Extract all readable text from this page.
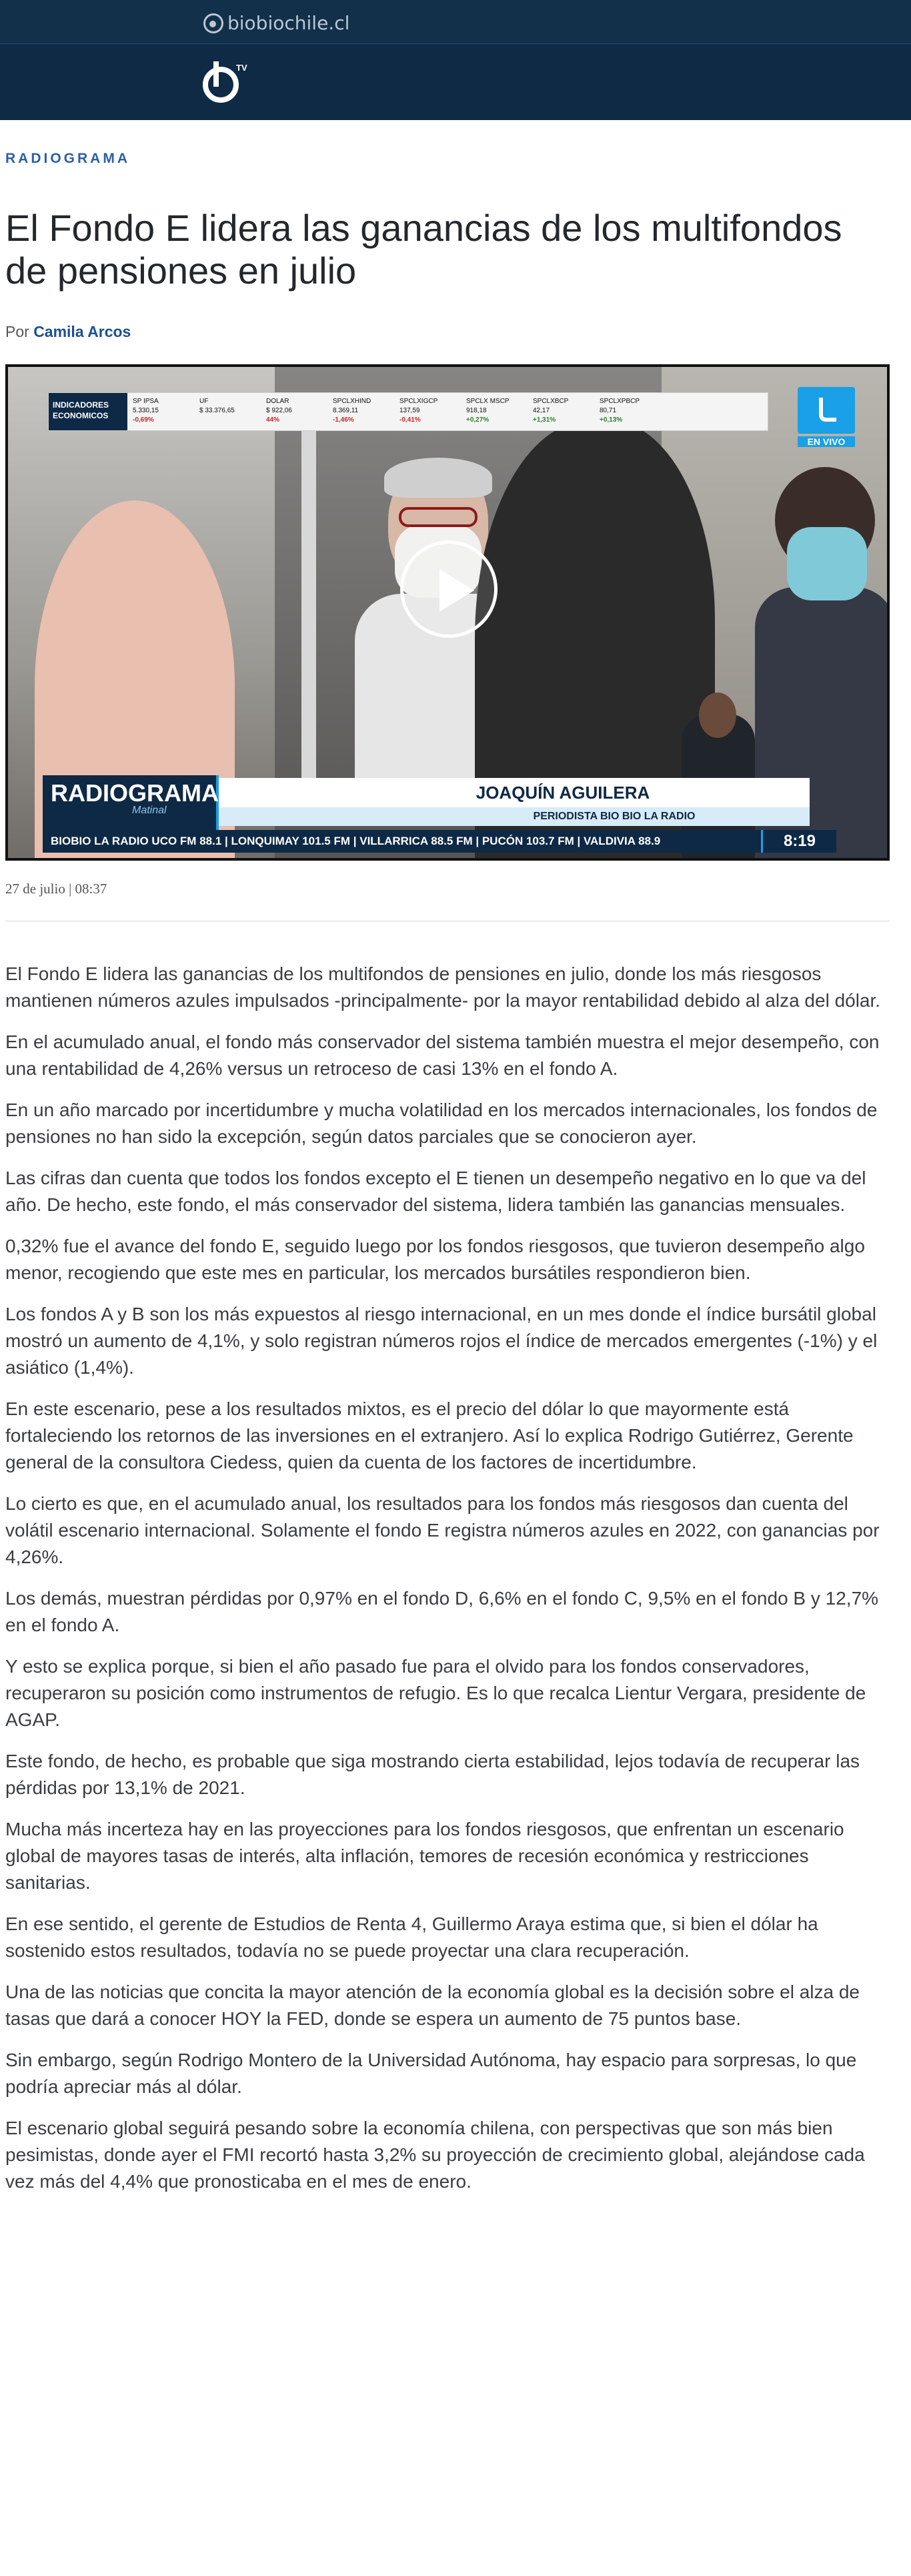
biobiochile.cl
TV
RADIOGRAMA
El Fondo E lidera las ganancias de los multifondos de pensiones en julio
Por Camila Arcos
INDICADORES ECONOMICOS
SP IPSA
5.330,15
-0,69%
UF
$ 33.376,65
DOLAR
$ 922,06
44%
SPCLXHIND
8.369,11
-1,46%
SPCLXIGCP
137,59
-0,41%
SPCLX MSCP
918,18
+0,27%
SPCLXBCP
42,17
+1,31%
SPCLXPBCP
80,71
+0,13%
EN VIVO
RADIOGRAMA
Matinal
JOAQUÍN AGUILERA
PERIODISTA BIO BIO LA RADIO
BIOBIO LA RADIO UCO FM 88.1 | LONQUIMAY 101.5 FM | VILLARRICA 88.5 FM | PUCÓN 103.7 FM | VALDIVIA 88.9	8:19
27 de julio | 08:37

El Fondo E lidera las ganancias de los multifondos de pensiones en julio, donde los más riesgosos mantienen números azules impulsados -principalmente- por la mayor rentabilidad debido al alza del dólar.

En el acumulado anual, el fondo más conservador del sistema también muestra el mejor desempeño, con una rentabilidad de 4,26% versus un retroceso de casi 13% en el fondo A.

En un año marcado por incertidumbre y mucha volatilidad en los mercados internacionales, los fondos de pensiones no han sido la excepción, según datos parciales que se conocieron ayer.

Las cifras dan cuenta que todos los fondos excepto el E tienen un desempeño negativo en lo que va del año. De hecho, este fondo, el más conservador del sistema, lidera también las ganancias mensuales.

0,32% fue el avance del fondo E, seguido luego por los fondos riesgosos, que tuvieron desempeño algo menor, recogiendo que este mes en particular, los mercados bursátiles respondieron bien.

Los fondos A y B son los más expuestos al riesgo internacional, en un mes donde el índice bursátil global mostró un aumento de 4,1%, y solo registran números rojos el índice de mercados emergentes (-1%) y el asiático (1,4%).

En este escenario, pese a los resultados mixtos, es el precio del dólar lo que mayormente está fortaleciendo los retornos de las inversiones en el extranjero. Así lo explica Rodrigo Gutiérrez, Gerente general de la consultora Ciedess, quien da cuenta de los factores de incertidumbre.

Lo cierto es que, en el acumulado anual, los resultados para los fondos más riesgosos dan cuenta del volátil escenario internacional. Solamente el fondo E registra números azules en 2022, con ganancias por 4,26%.

Los demás, muestran pérdidas por 0,97% en el fondo D, 6,6% en el fondo C, 9,5% en el fondo B y 12,7% en el fondo A.

Y esto se explica porque, si bien el año pasado fue para el olvido para los fondos conservadores, recuperaron su posición como instrumentos de refugio. Es lo que recalca Lientur Vergara, presidente de AGAP.

Este fondo, de hecho, es probable que siga mostrando cierta estabilidad, lejos todavía de recuperar las pérdidas por 13,1% de 2021.

Mucha más incerteza hay en las proyecciones para los fondos riesgosos, que enfrentan un escenario global de mayores tasas de interés, alta inflación, temores de recesión económica y restricciones sanitarias.

En ese sentido, el gerente de Estudios de Renta 4, Guillermo Araya estima que, si bien el dólar ha sostenido estos resultados, todavía no se puede proyectar una clara recuperación.

Una de las noticias que concita la mayor atención de la economía global es la decisión sobre el alza de tasas que dará a conocer HOY la FED, donde se espera un aumento de 75 puntos base.

Sin embargo, según Rodrigo Montero de la Universidad Autónoma, hay espacio para sorpresas, lo que podría apreciar más al dólar.

El escenario global seguirá pesando sobre la economía chilena, con perspectivas que son más bien pesimistas, donde ayer el FMI recortó hasta 3,2% su proyección de crecimiento global, alejándose cada vez más del 4,4% que pronosticaba en el mes de enero.
